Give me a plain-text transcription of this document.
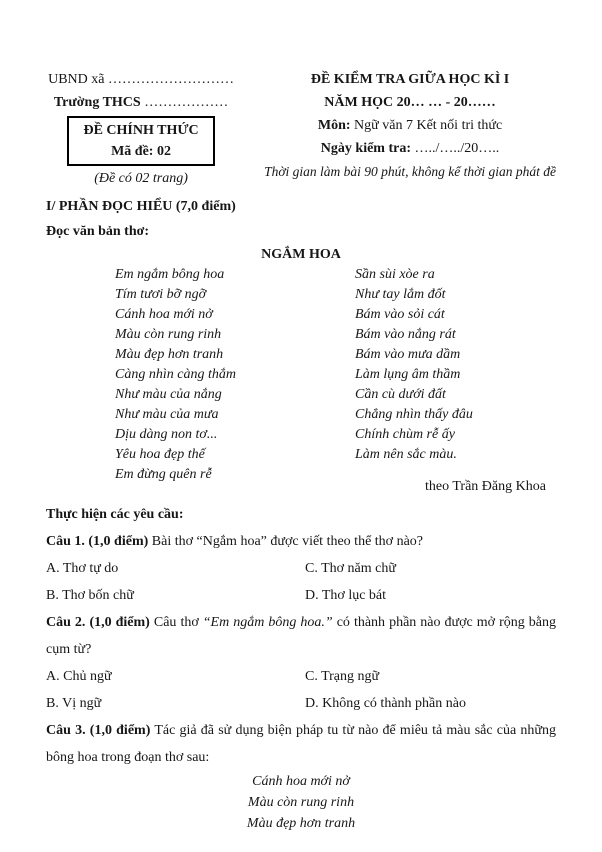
UBND xã ………………………
Trường THCS ………………
ĐỀ CHÍNH THỨC
Mã đề: 02
(Đề có 02 trang)
ĐỀ KIỂM TRA GIỮA HỌC KÌ I
NĂM HỌC 20… … - 20……
Môn: Ngữ văn 7 Kết nối tri thức
Ngày kiểm tra: …../…../20…..
Thời gian làm bài 90 phút, không kể thời gian phát đề
I/ PHẦN ĐỌC HIỂU (7,0 điểm)
Đọc văn bản thơ:
NGẮM HOA
Em ngắm bông hoa
Tím tươi bỡ ngỡ
Cánh hoa mới nở
Màu còn rung rinh
Màu đẹp hơn tranh
Càng nhìn càng thắm
Như màu của nắng
Như màu của mưa
Dịu dàng non tơ...
Yêu hoa đẹp thế
Em đừng quên rễ
Sần sùi xòe ra
Như tay lắm đốt
Bám vào sỏi cát
Bám vào nắng rát
Bám vào mưa dầm
Làm lụng âm thầm
Cần cù dưới đất
Chẳng nhìn thấy đâu
Chính chùm rễ ấy
Làm nên sắc màu.
theo Trần Đăng Khoa
Thực hiện các yêu cầu:
Câu 1. (1,0 điểm) Bài thơ “Ngắm hoa” được viết theo thể thơ nào?
A. Thơ tự do	C. Thơ năm chữ
B. Thơ bốn chữ	D. Thơ lục bát
Câu 2. (1,0 điểm) Câu thơ “Em ngắm bông hoa.” có thành phần nào được mở rộng bằng cụm từ?
A. Chủ ngữ	C. Trạng ngữ
B. Vị ngữ	D. Không có thành phần nào
Câu 3. (1,0 điểm) Tác giả đã sử dụng biện pháp tu từ nào để miêu tả màu sắc của những bông hoa trong đoạn thơ sau:
Cánh hoa mới nở
Màu còn rung rinh
Màu đẹp hơn tranh
